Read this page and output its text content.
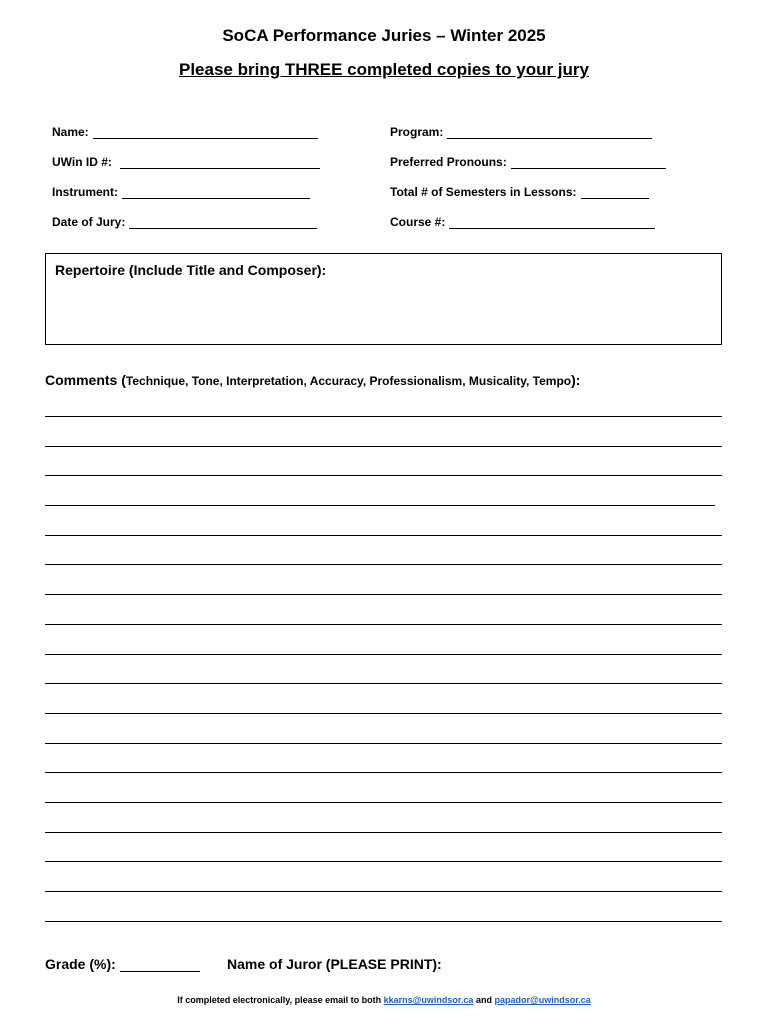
SoCA Performance Juries – Winter 2025
Please bring THREE completed copies to your jury
Name:
UWin ID #:
Instrument:
Date of Jury:
Program:
Preferred Pronouns:
Total # of Semesters in Lessons:
Course #:
Repertoire (Include Title and Composer):
Comments (Technique, Tone, Interpretation, Accuracy, Professionalism, Musicality, Tempo):
Grade (%):	Name of Juror (PLEASE PRINT):
If completed electronically, please email to both kkarns@uwindsor.ca and papador@uwindsor.ca
